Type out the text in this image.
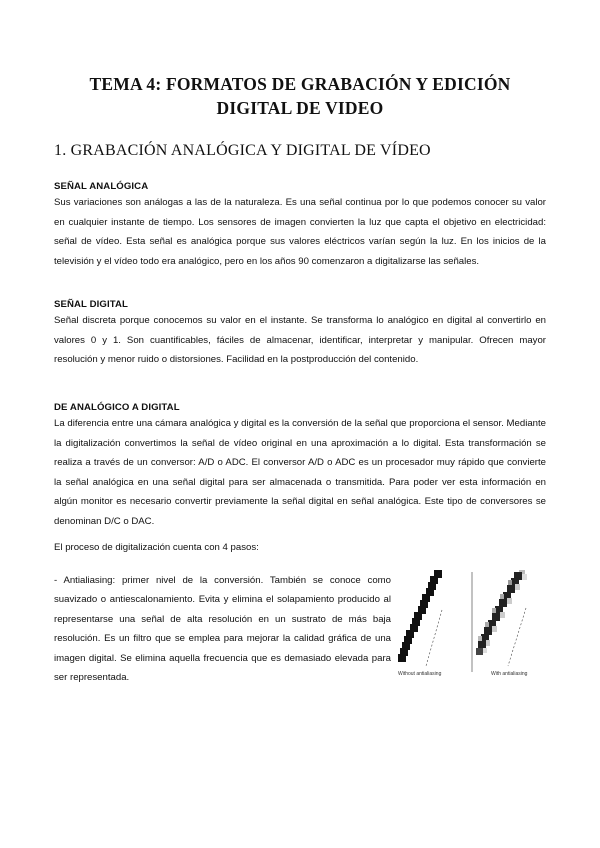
TEMA 4: FORMATOS DE GRABACIÓN Y EDICIÓN
DIGITAL DE VIDEO
1. GRABACIÓN ANALÓGICA Y DIGITAL DE VÍDEO
SEÑAL ANALÓGICA

Sus variaciones son análogas a las de la naturaleza. Es una señal continua por lo que podemos conocer su valor en cualquier instante de tiempo. Los sensores de imagen convierten la luz que capta el objetivo en electricidad: señal de vídeo. Esta señal es analógica porque sus valores eléctricos varían según la luz. En los inicios de la televisión y el vídeo todo era analógico, pero en los años 90 comenzaron a digitalizarse las señales.

SEÑAL DIGITAL

Señal discreta porque conocemos su valor en el instante. Se transforma lo analógico en digital al convertirlo en valores 0 y 1. Son cuantificables, fáciles de almacenar, identificar, interpretar y manipular. Ofrecen mayor resolución y menor ruido o distorsiones. Facilidad en la postproducción del contenido.

DE ANALÓGICO A DIGITAL

La diferencia entre una cámara analógica y digital es la conversión de la señal que proporciona el sensor. Mediante la digitalización convertimos la señal de vídeo original en una aproximación a lo digital. Esta transformación se realiza a través de un conversor: A/D o ADC. El conversor A/D o ADC es un procesador muy rápido que convierte la señal analógica en una señal digital para ser almacenada o transmitida. Para poder ver esta información en algún monitor es necesario convertir previamente la señal digital en señal analógica. Este tipo de conversores se denominan D/C o DAC.

El proceso de digitalización cuenta con 4 pasos:

- Antialiasing: primer nivel de la conversión. También se conoce como suavizado o antiescalonamiento. Evita y elimina el solapamiento producido al representarse una señal de alta resolución en un sustrato de más baja resolución. Es un filtro que se emplea para mejorar la calidad gráfica de una imagen digital. Se elimina aquella frecuencia que es demasiado elevada para ser representada.	Without antialiasing	With antialiasing
